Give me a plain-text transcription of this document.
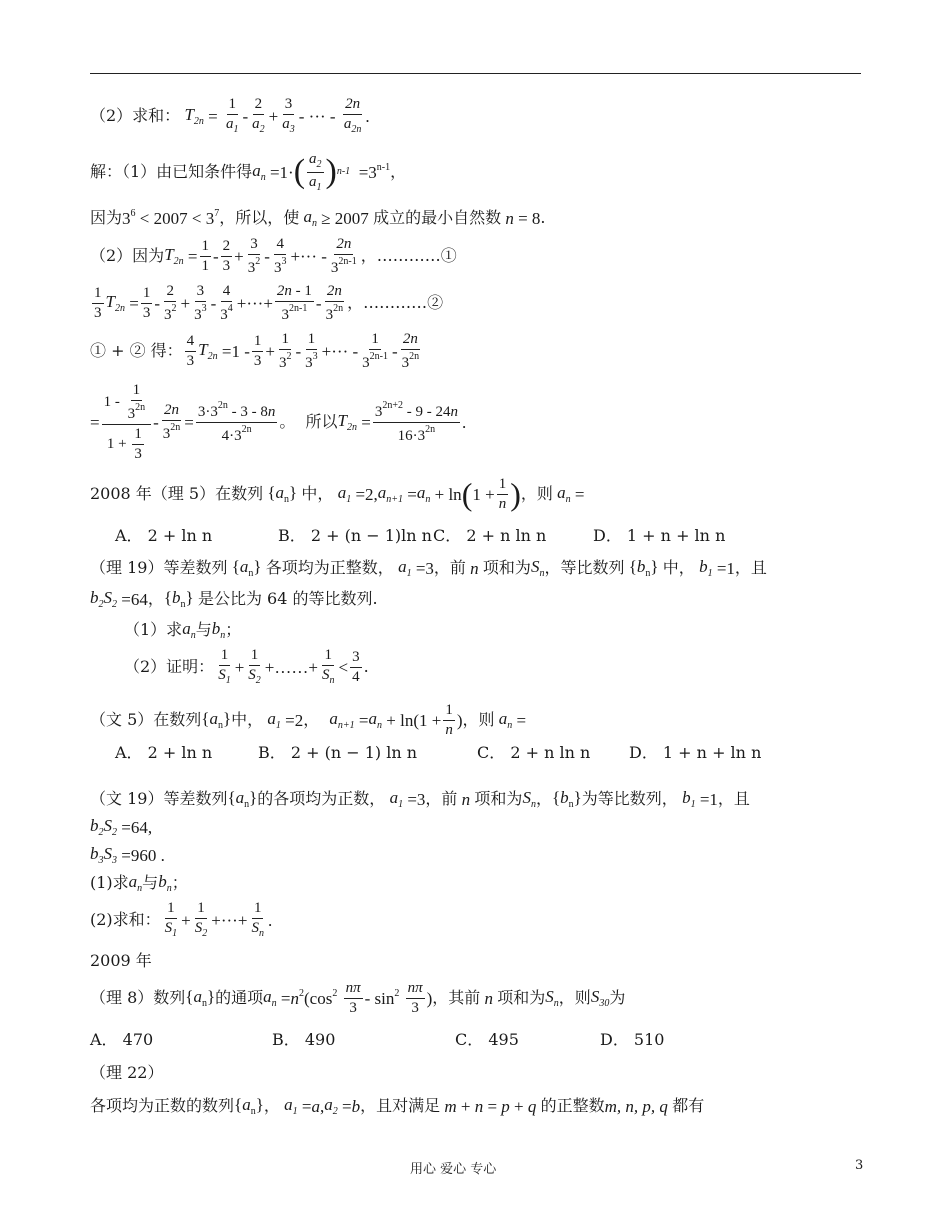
（2）求和： $T_{2n} = \frac{1}{a_1} - \frac{2}{a_2} + \frac{3}{a_3}$ - ··· - $\frac{2n}{a_{2n}}$ .
解：（1）由已知条件得 $a_n =1\cdot$ ( $\frac{a_2}{a_1}$ ) $n-1 =3^{n-1}$ ，
因为 $3^6 < 2007 < 3^7$ ，所以，使 $a_n \ge 2007$ 成立的最小自然数 n = 8 .
（2）因为 $T_{2n} = \frac{1}{1} - \frac{2}{3} + \frac{3}{3^2} - \frac{4}{3^3}$ +··· - $\frac{2n}{3^{2n-1}}$ ，…………①
$\frac{1}{3} T_{2n} = \frac{1}{3} - \frac{2}{3^2} + \frac{3}{3^3} - \frac{4}{3^4}$ +···+ $\frac{2n - 1}{3^{2n-1}} - \frac{2n}{3^{2n}}$ ，…………②
① + ② 得： $\frac{4}{3} T_{2n} =1 - \frac{1}{3} + \frac{1}{3^2} - \frac{1}{3^3}$ +··· - $\frac{1}{3^{2n-1}} - \frac{2n}{3^{2n}}$
= $\frac{1 - \frac{1}{3^{2n}}}{1 + \frac{1}{3}} - \frac{2n}{3^{2n}} = \frac{3\cdot 3^{2n} - 3 - 8n}{4\cdot 3^{2n}}$ 。  所以 $T_{2n} = \frac{3^{2n+2} - 9 - 24n}{16\cdot 3^{2n}}$ .
2008 年（理 5）在数列 $\{a_n\}$ 中， $a_1 =2$, $a_{n+1} = a_n + \ln$ ( $1 + \frac{1}{n}$ ) ，则 $a_n$ =
A． 2 + ln n	B． 2 + (n − 1)ln n C． 2 + n ln n	D． 1 + n + ln n
（理 19）等差数列 $\{a_n\}$ 各项均为正整数， $a_1 =3$ ，前 n 项和为 $S_n$ ，等比数列 $\{b_n\}$ 中， $b_1 =1$ ，且
$b_2S_2 =64$ ， $\{b_n\}$ 是公比为 64 的等比数列.
（1）求 $a_n$ 与 $b_n$ ；
（2）证明： $\frac{1}{S_1} + \frac{1}{S_2}$ +……+ $\frac{1}{S_n} < \frac{3}{4}$ .
（文 5）在数列 $\{a_n\}$ 中， $a_1 =2$ ， $a_{n+1} = a_n + \ln(1 + \frac{1}{n}$ ) ，则 $a_n$ =
A． 2 + ln n	B． 2 + (n − 1) ln n	C． 2 + n ln n D． 1 + n + ln n
（文 19）等差数列 $\{a_n\}$ 的各项均为正数， $a_1 =3$ ，前 n 项和为 $S_n$ ， $\{b_n\}$ 为等比数列， $b_1 =1$ ，且
$b_2S_2 =64$,
$b_3S_3 =960$ .
(1)求 $a_n$ 与 $b_n$ ；
(2)求和： $\frac{1}{S_1} + \frac{1}{S_2}$ +···+ $\frac{1}{S_n}$ .
2009 年
（理 8）数列 $\{a_n\}$ 的通项 $a_n =n^2(\cos^2 \frac{n\pi}{3} - \sin^2 \frac{n\pi}{3}$ ) ，其前 n 项和为 $S_n$ ，则 $S_{30}$ 为
A． 470	B． 490	C． 495	D． 510
（理 22）
各项均为正数的数列 $\{a_n\}$ ， $a_1 =a$, $a_2 =b$ ，且对满足 m + n = p + q 的正整数 m, n, p, q 都有
用心 爱心 专心	3
